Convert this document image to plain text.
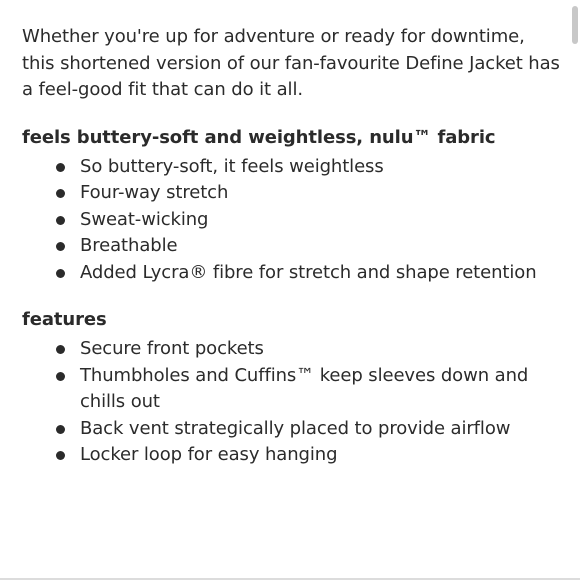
Whether you're up for adventure or ready for downtime, this shortened version of our fan-favourite Define Jacket has a feel-good fit that can do it all.

feels buttery-soft and weightless, nulu™ fabric
So buttery-soft, it feels weightless
Four-way stretch
Sweat-wicking
Breathable
Added Lycra® fibre for stretch and shape retention
features
Secure front pockets
Thumbholes and Cuffins™ keep sleeves down and chills out
Back vent strategically placed to provide airflow
Locker loop for easy hanging
